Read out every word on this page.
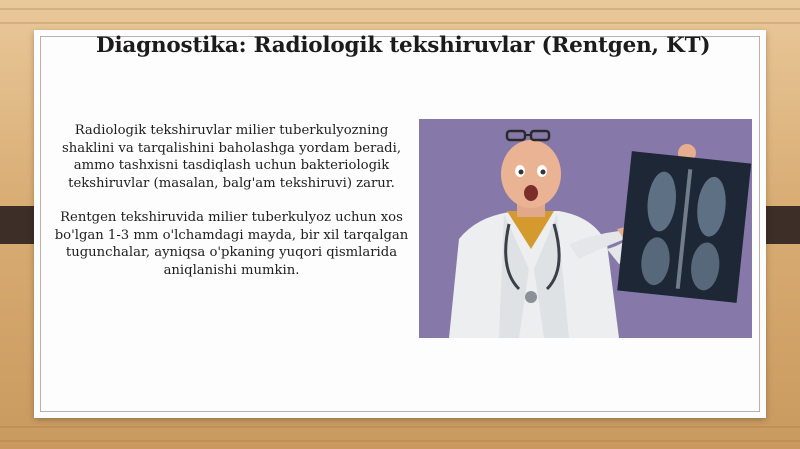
Diagnostika: Radiologik tekshiruvlar (Rentgen, KT)

Radiologik tekshiruvlar milier tuberkulyozning shaklini va tarqalishini baholashga yordam beradi, ammo tashxisni tasdiqlash uchun bakteriologik tekshiruvlar (masalan, balg'am tekshiruvi) zarur.

Rentgen tekshiruvida milier tuberkulyoz uchun xos bo'lgan 1-3 mm o'lchamdagi mayda, bir xil tarqalgan tugunchalar, ayniqsa o'pkaning yuqori qismlarida aniqlanishi mumkin.
